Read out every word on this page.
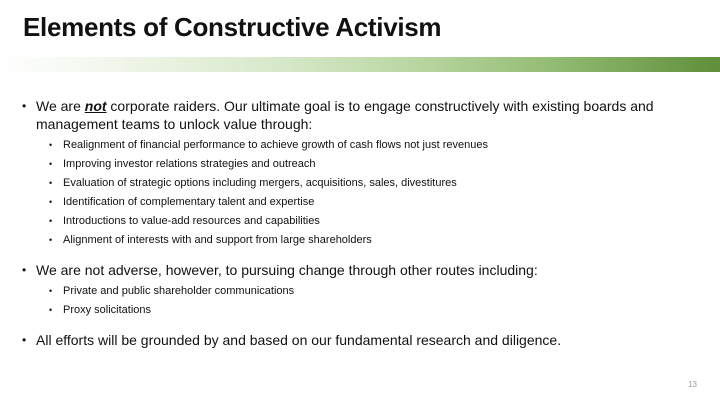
Elements of Constructive Activism
• We are not corporate raiders. Our ultimate goal is to engage constructively with existing boards and management teams to unlock value through:
• Realignment of financial performance to achieve growth of cash flows not just revenues
• Improving investor relations strategies and outreach
• Evaluation of strategic options including mergers, acquisitions, sales, divestitures
• Identification of complementary talent and expertise
• Introductions to value-add resources and capabilities
• Alignment of interests with and support from large shareholders
• We are not adverse, however, to pursuing change through other routes including:
• Private and public shareholder communications
• Proxy solicitations
• All efforts will be grounded by and based on our fundamental research and diligence.
13
